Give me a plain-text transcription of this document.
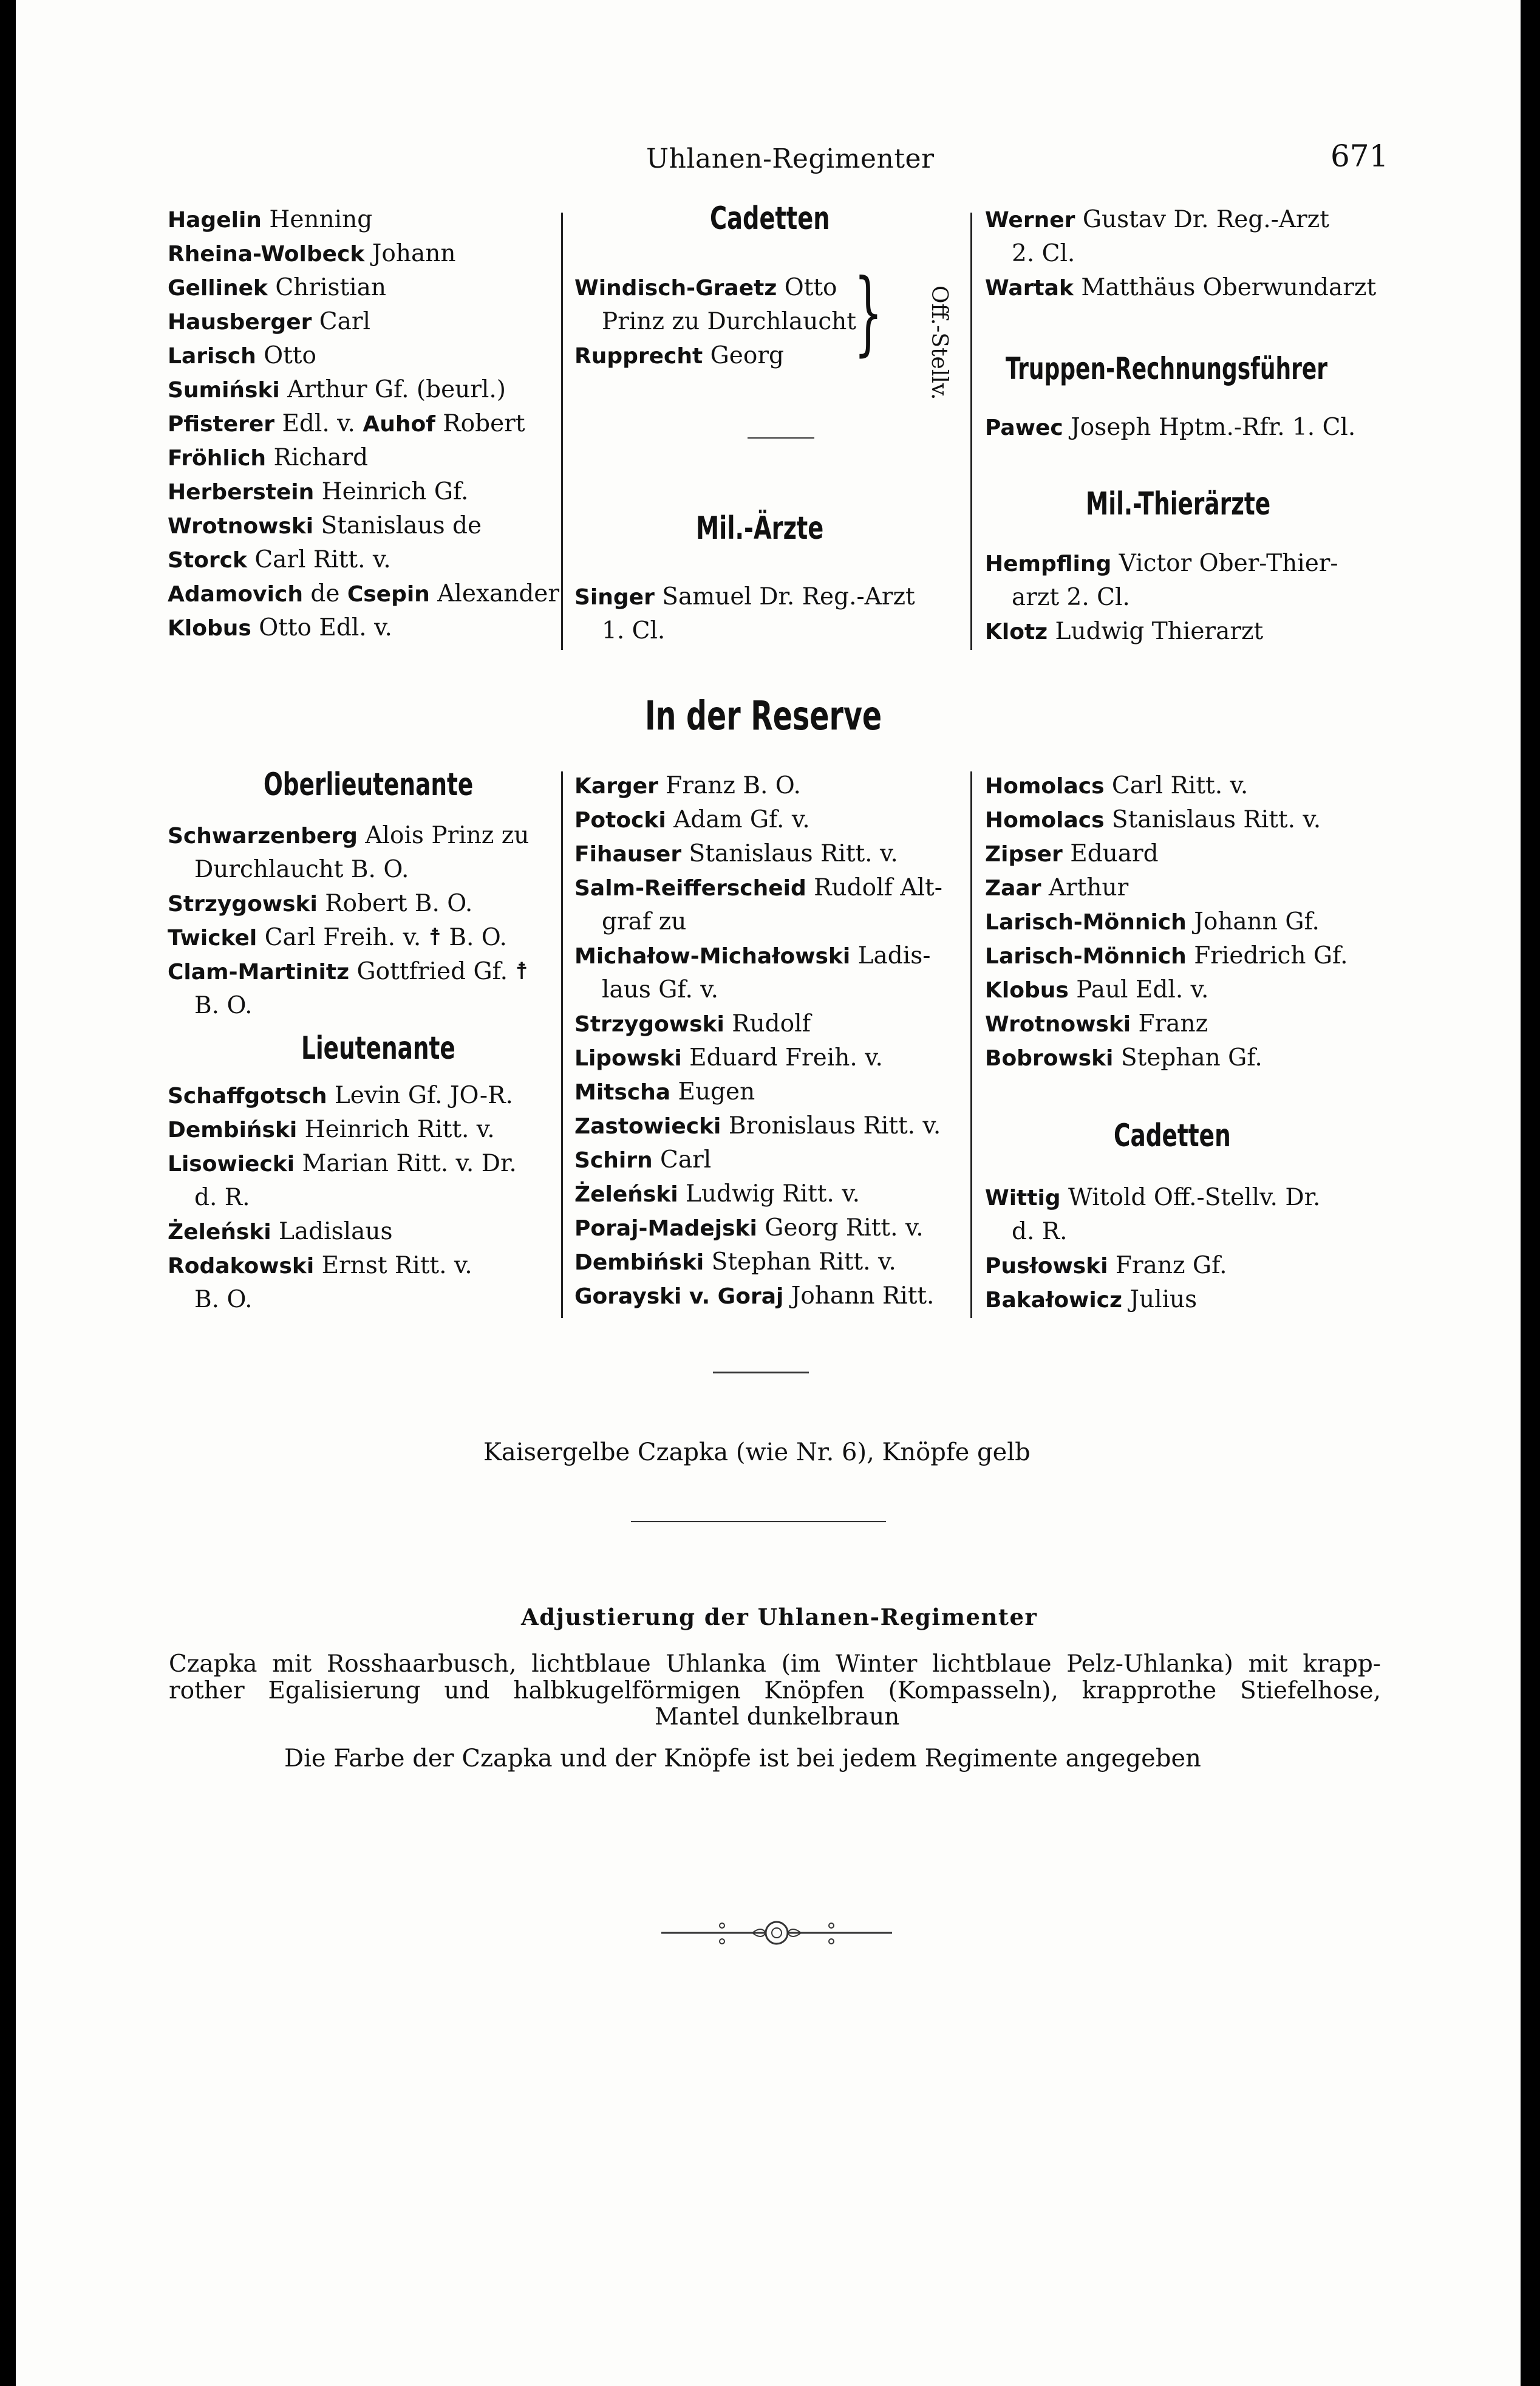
Uhlanen-Regimenter	671
Hagelin Henning
Rheina-Wolbeck Johann
Gellinek Christian
Hausberger Carl
Larisch Otto
Sumiński Arthur Gf. (beurl.)
Pfisterer Edl. v. Auhof Robert
Fröhlich Richard
Herberstein Heinrich Gf.
Wrotnowski Stanislaus de
Storck Carl Ritt. v.
Adamovich de Csepin Alexander
Klobus Otto Edl. v.
Cadetten
Windisch-Graetz Otto
Prinz zu Durchlaucht
Rupprecht Georg } Off.-Stellv.
Mil.-Ärzte
Singer Samuel Dr. Reg.-Arzt
1. Cl.
Werner Gustav Dr. Reg.-Arzt
2. Cl.
Wartak Matthäus Oberwundarzt
Truppen-Rechnungsführer
Pawec Joseph Hptm.-Rfr. 1. Cl.
Mil.-Thierärzte
Hempfling Victor Ober-Thier-
arzt 2. Cl.
Klotz Ludwig Thierarzt
In der Reserve
Oberlieutenante
Schwarzenberg Alois Prinz zu
Durchlaucht B. O.
Strzygowski Robert B. O.
Twickel Carl Freih. v. ☨ B. O.
Clam-Martinitz Gottfried Gf. ☨
B. O.
Lieutenante
Schaffgotsch Levin Gf. JO-R.
Dembiński Heinrich Ritt. v.
Lisowiecki Marian Ritt. v. Dr.
d. R.
Żeleński Ladislaus
Rodakowski Ernst Ritt. v.
B. O.
Karger Franz B. O.
Potocki Adam Gf. v.
Fihauser Stanislaus Ritt. v.
Salm-Reifferscheid Rudolf Alt-
graf zu
Michałow-Michałowski Ladis-
laus Gf. v.
Strzygowski Rudolf
Lipowski Eduard Freih. v.
Mitscha Eugen
Zastowiecki Bronislaus Ritt. v.
Schirn Carl
Żeleński Ludwig Ritt. v.
Poraj-Madejski Georg Ritt. v.
Dembiński Stephan Ritt. v.
Gorayski v. Goraj Johann Ritt.
Homolacs Carl Ritt. v.
Homolacs Stanislaus Ritt. v.
Zipser Eduard
Zaar Arthur
Larisch-Mönnich Johann Gf.
Larisch-Mönnich Friedrich Gf.
Klobus Paul Edl. v.
Wrotnowski Franz
Bobrowski Stephan Gf.
Cadetten
Wittig Witold Off.-Stellv. Dr.
d. R.
Pusłowski Franz Gf.
Bakałowicz Julius
Kaisergelbe Czapka (wie Nr. 6), Knöpfe gelb
Adjustierung der Uhlanen-Regimenter
Czapka mit Rosshaarbusch, lichtblaue Uhlanka (im Winter lichtblaue Pelz-Uhlanka) mit krapp-
rother Egalisierung und halbkugelförmigen Knöpfen (Kompasseln), krapprothe Stiefelhose,
Mantel dunkelbraun
Die Farbe der Czapka und der Knöpfe ist bei jedem Regimente angegeben
